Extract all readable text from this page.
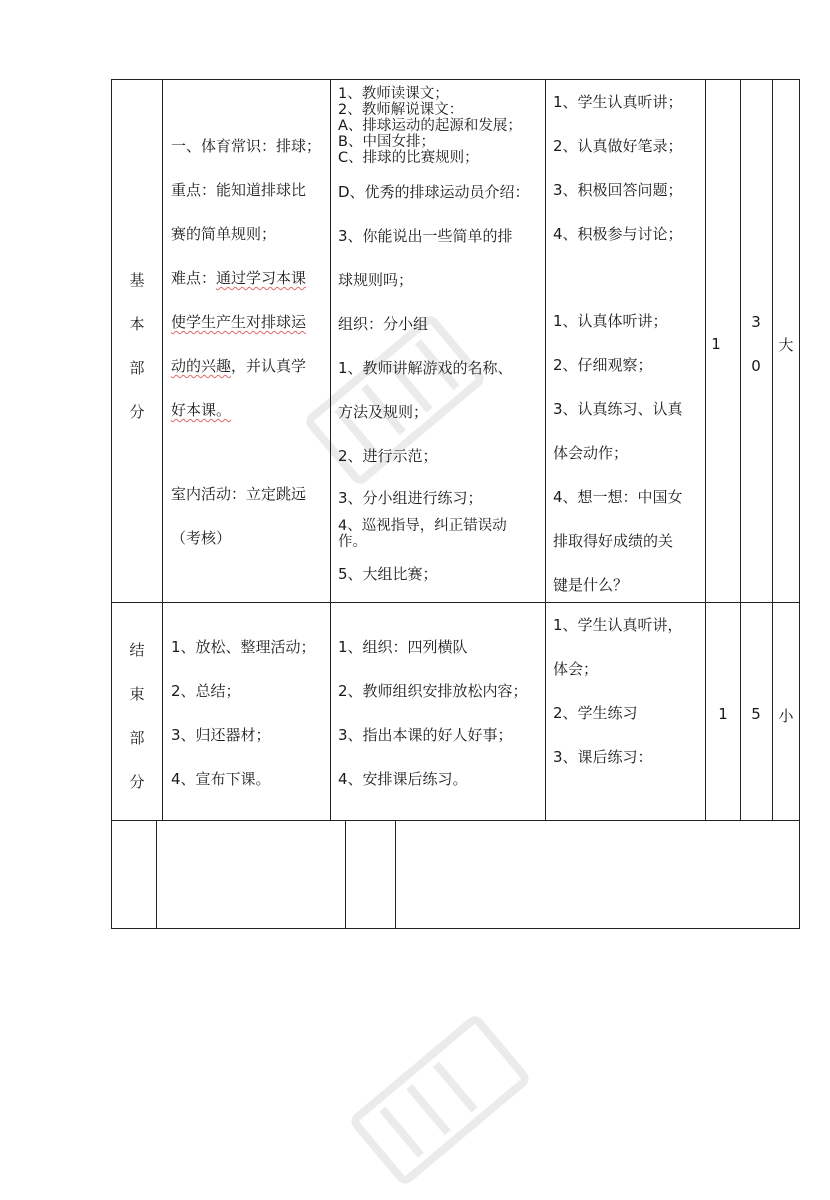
基
本
部
分
一、体育常识：排球；
重点：能知道排球比
赛的简单规则；
难点：通过学习本课
使学生产生对排球运
动的兴趣，并认真学
好本课。
室内活动：立定跳远
（考核）
1、教师读课文；
2、教师解说课文：
A、排球运动的起源和发展；
B、中国女排；
C、排球的比赛规则；
D、优秀的排球运动员介绍：
3、你能说出一些简单的排
球规则吗；
组织：分小组
1、教师讲解游戏的名称、
方法及规则；
2、进行示范；
3、分小组进行练习；
4、巡视指导，纠正错误动
作。
5、大组比赛；
1、学生认真听讲；
2、认真做好笔录；
3、积极回答问题；
4、积极参与讨论；
1、认真体听讲；
2、仔细观察；
3、认真练习、认真
体会动作；
4、想一想：中国女
排取得好成绩的关
键是什么？
1
3
0
大
结
束
部
分
1、放松、整理活动；
2、总结；
3、归还器材；
4、宣布下课。
1、组织：四列横队
2、教师组织安排放松内容；
3、指出本课的好人好事；
4、安排课后练习。
1、学生认真听讲，
体会；
2、学生练习
3、课后练习：
1	5	小
